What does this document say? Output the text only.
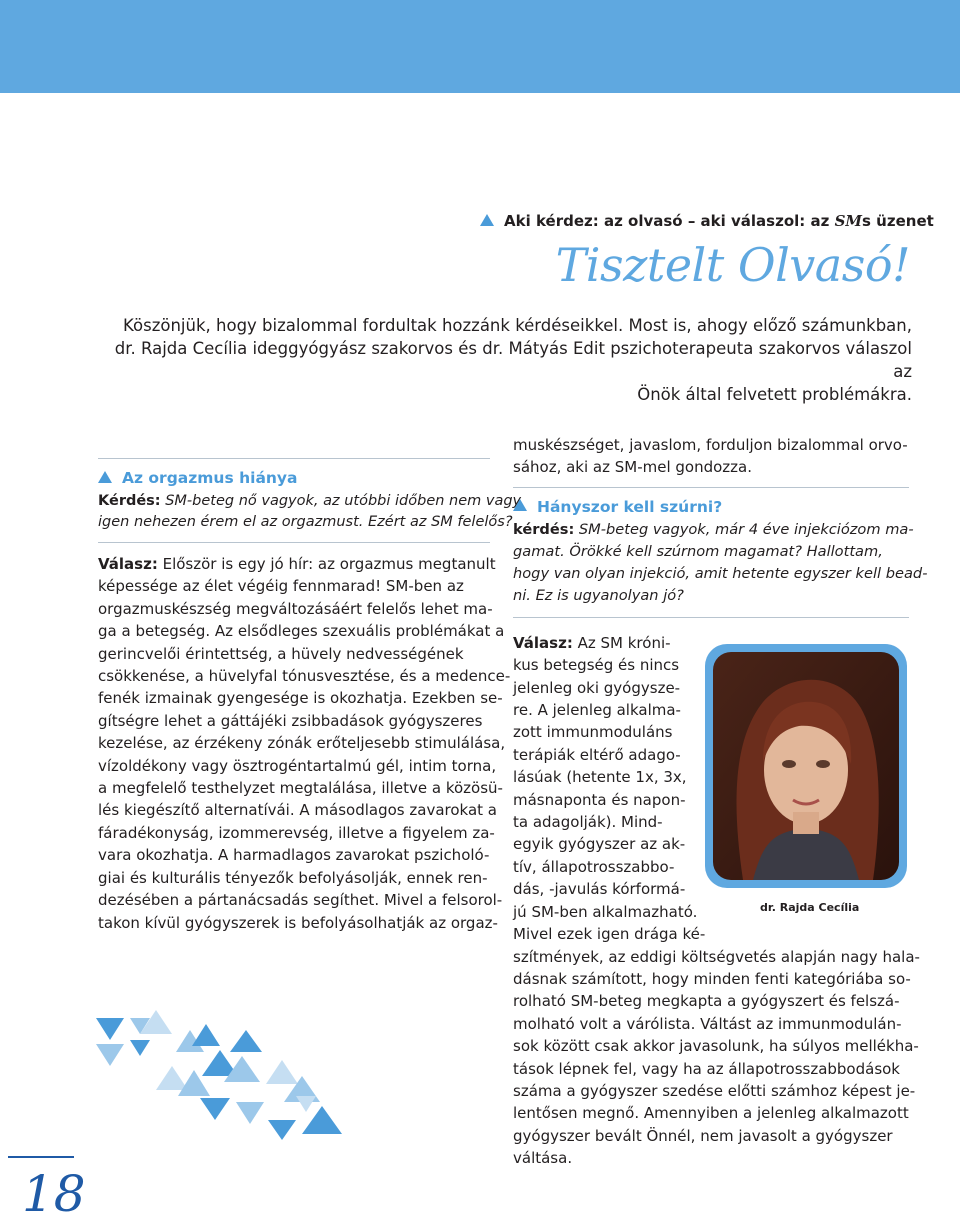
Aki kérdez: az olvasó – aki válaszol: az SMs üzenet
Tisztelt Olvasó!

Köszönjük, hogy bizalommal fordultak hozzánk kérdéseikkel. Most is, ahogy előző számunkban,

dr. Rajda Cecília ideggyógyász szakorvos és dr. Mátyás Edit pszichoterapeuta szakorvos válaszol az

Önök által felvetett problémákra.

Az orgazmus hiánya

Kérdés: SM-beteg nő vagyok, az utóbbi időben nem vagy
igen nehezen érem el az orgazmust. Ezért az SM felelős?
Válasz: Először is egy jó hír: az orgazmus megtanult
képessége az élet végéig fennmarad! SM-ben az
orgazmuskészség megváltozásáért felelős lehet ma-
ga a betegség. Az elsődleges szexuális problémákat a
gerincvelői érintettség, a hüvely nedvességének
csökkenése, a hüvelyfal tónusvesztése, és a medence-
fenék izmainak gyengesége is okozhatja. Ezekben se-
gítségre lehet a gáttájéki zsibbadások gyógyszeres
kezelése, az érzékeny zónák erőteljesebb stimulálása,
vízoldékony vagy ösztrogéntartalmú gél, intim torna,
a megfelelő testhelyzet megtalálása, illetve a közösü-
lés kiegészítő alternatívái. A másodlagos zavarokat a
fáradékonyság, izommerevség, illetve a figyelem za-
vara okozhatja. A harmadlagos zavarokat pszicholó-
giai és kulturális tényezők befolyásolják, ennek ren-
dezésében a pártanácsadás segíthet. Mivel a felsorol-
takon kívül gyógyszerek is befolyásolhatják az orgaz-
muskészséget, javaslom, forduljon bizalommal orvo-
sához, aki az SM-mel gondozza.

Hányszor kell szúrni?

kérdés: SM-beteg vagyok, már 4 éve injekciózom ma-
gamat. Örökké kell szúrnom magamat? Hallottam,
hogy van olyan injekció, amit hetente egyszer kell bead-
ni. Ez is ugyanolyan jó?
Válasz: Az SM króni-
kus betegség és nincs
jelenleg oki gyógysze-
re. A jelenleg alkalma-
zott immunmoduláns
terápiák eltérő adago-
lásúak (hetente 1x, 3x,
másnaponta és napon-
ta adagolják). Mind-
egyik gyógyszer az ak-
tív, állapotrosszabbo-
dás, -javulás kórformá-
jú SM-ben alkalmazható.
Mivel ezek igen drága ké-
szítmények, az eddigi költségvetés alapján nagy hala-
dásnak számított, hogy minden fenti kategóriába so-
rolható SM-beteg megkapta a gyógyszert és felszá-
molható volt a várólista. Váltást az immunmodulán-
sok között csak akkor javasolunk, ha súlyos mellékha-
tások lépnek fel, vagy ha az állapotrosszabbodások
száma a gyógyszer szedése előtti számhoz képest je-
lentősen megnő. Amennyiben a jelenleg alkalmazott
gyógyszer bevált Önnél, nem javasolt a gyógyszer
váltása.
dr. Rajda Cecília
18
